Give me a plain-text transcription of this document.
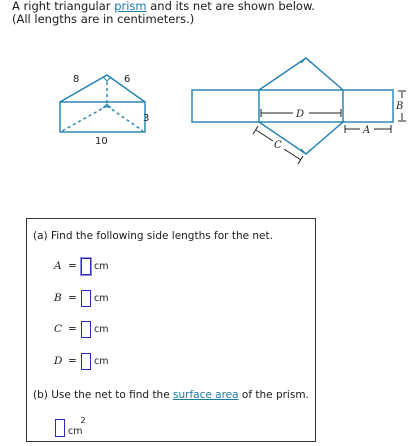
A right triangular prism and its net are shown below.
(All lengths are in centimeters.)
8	6
10
3	D
B
A
C
(a) Find the following side lengths for the net.
A =	cm
B =	cm
C =	cm
D =	cm
(b) Use the net to find the surface area of the prism.
cm
2
